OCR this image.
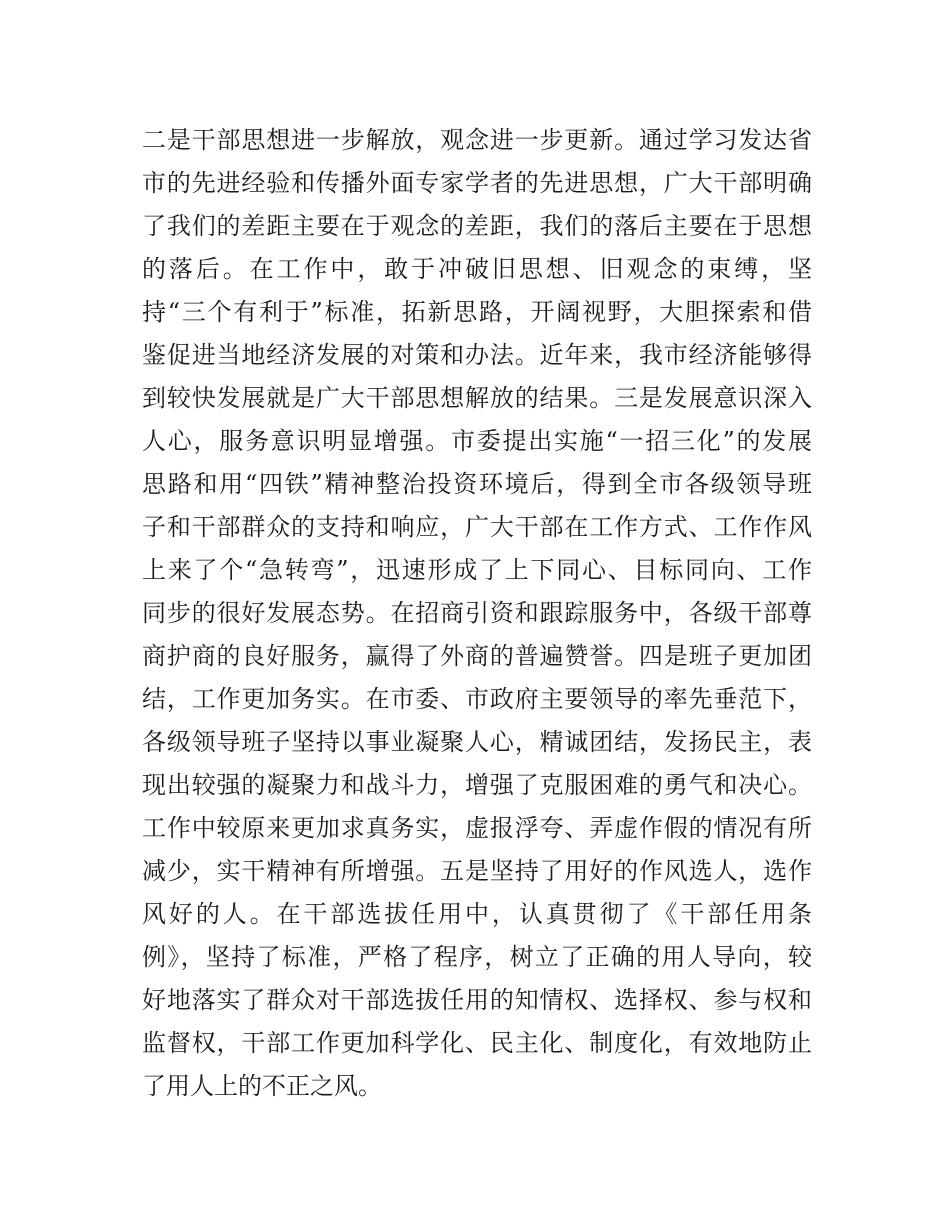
二是干部思想进一步解放，观念进一步更新。通过学习发达省
市的先进经验和传播外面专家学者的先进思想，广大干部明确
了我们的差距主要在于观念的差距，我们的落后主要在于思想
的落后。在工作中，敢于冲破旧思想、旧观念的束缚，坚
持“三个有利于”标准，拓新思路，开阔视野，大胆探索和借
鉴促进当地经济发展的对策和办法。近年来，我市经济能够得
到较快发展就是广大干部思想解放的结果。三是发展意识深入
人心，服务意识明显增强。市委提出实施“一招三化”的发展
思路和用“四铁”精神整治投资环境后，得到全市各级领导班
子和干部群众的支持和响应，广大干部在工作方式、工作作风
上来了个“急转弯”，迅速形成了上下同心、目标同向、工作
同步的很好发展态势。在招商引资和跟踪服务中，各级干部尊
商护商的良好服务，赢得了外商的普遍赞誉。四是班子更加团
结，工作更加务实。在市委、市政府主要领导的率先垂范下，
各级领导班子坚持以事业凝聚人心，精诚团结，发扬民主，表
现出较强的凝聚力和战斗力，增强了克服困难的勇气和决心。
工作中较原来更加求真务实，虚报浮夸、弄虚作假的情况有所
减少，实干精神有所增强。五是坚持了用好的作风选人，选作
风好的人。在干部选拔任用中，认真贯彻了《干部任用条
例》，坚持了标准，严格了程序，树立了正确的用人导向，较
好地落实了群众对干部选拔任用的知情权、选择权、参与权和
监督权，干部工作更加科学化、民主化、制度化，有效地防止
了用人上的不正之风。
